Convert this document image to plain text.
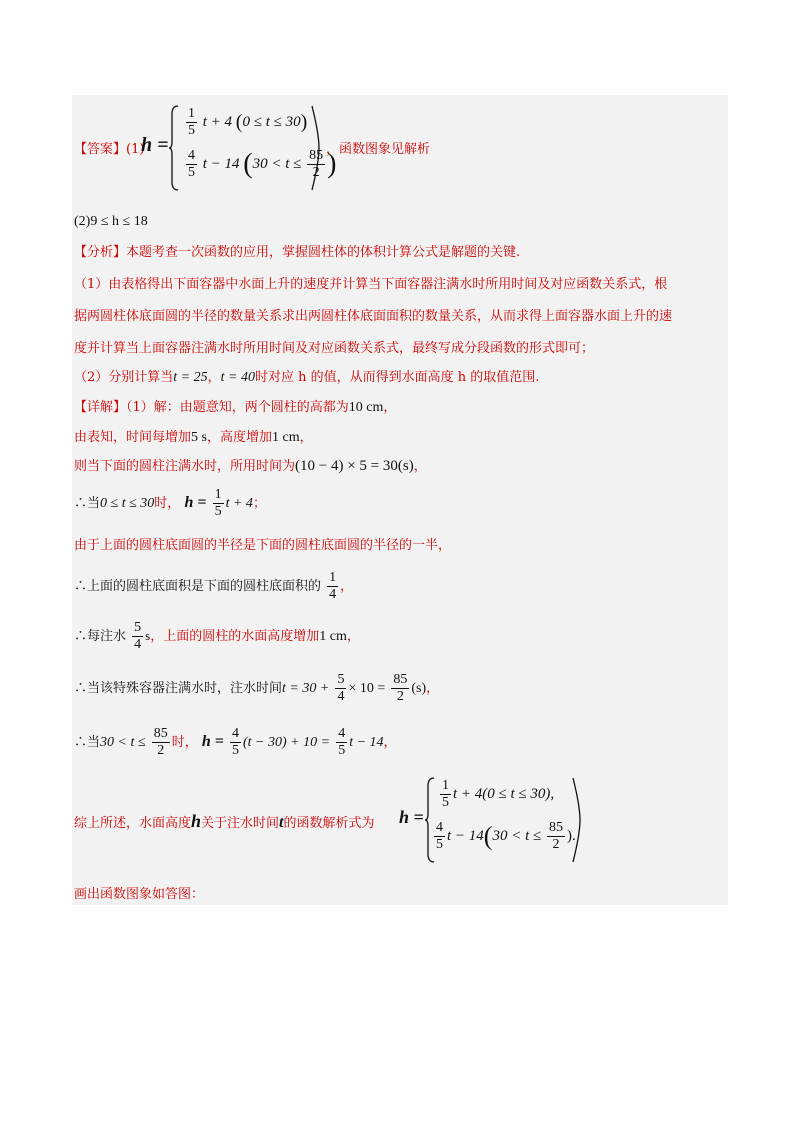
【答案】(1)
h =
$\frac{1}{5}$ t + 4 (0 ≤ t ≤ 30)
$\frac{4}{5}$ t − 14 ($30 < t \le \frac{85}{2}$ )
，函数图象见解析
(2)9 ≤ h ≤ 18
【分析】本题考查一次函数的应用，掌握圆柱体的体积计算公式是解题的关键.
（1）由表格得出下面容器中水面上升的速度并计算当下面容器注满水时所用时间及对应函数关系式，根
据两圆柱体底面圆的半径的数量关系求出两圆柱体底面面积的数量关系，从而求得上面容器水面上升的速
度并计算当上面容器注满水时所用时间及对应函数关系式，最终写成分段函数的形式即可；
（2）分别计算当t = 25，t = 40时对应 h 的值，从而得到水面高度 h 的取值范围.
【详解】（1）解：由题意知，两个圆柱的高都为10 cm，
由表知，时间每增加5 s，高度增加1 cm，
则当下面的圆柱注满水时，所用时间为(10 − 4) × 5 = 30(s)，
∴当0 ≤ t ≤ 30时， $h = \frac{1}{5}$ t + 4；
由于上面的圆柱底面圆的半径是下面的圆柱底面圆的半径的一半，
∴上面的圆柱底面积是下面的圆柱底面积的 $\frac{1}{4}$ ，
∴每注水 $\frac{5}{4}$ s，上面的圆柱的水面高度增加1 cm，
∴当该特殊容器注满水时，注水时间$t = 30 + \frac{5}{4} \times 10 = \frac{85}{2} (s)$，
∴当$30 < t \le \frac{85}{2}$ 时， $h = \frac{4}{5} (t - 30) + 10 = \frac{4}{5}$ t − 14，
综上所述，水面高度h关于注水时间t的函数解析式为 h =
$\frac{1}{5}$ t + 4(0 ≤ t ≤ 30),
$\frac{4}{5}$ $t - 14(30 < t \le \frac{85}{2}$ ).
画出函数图象如答图：
